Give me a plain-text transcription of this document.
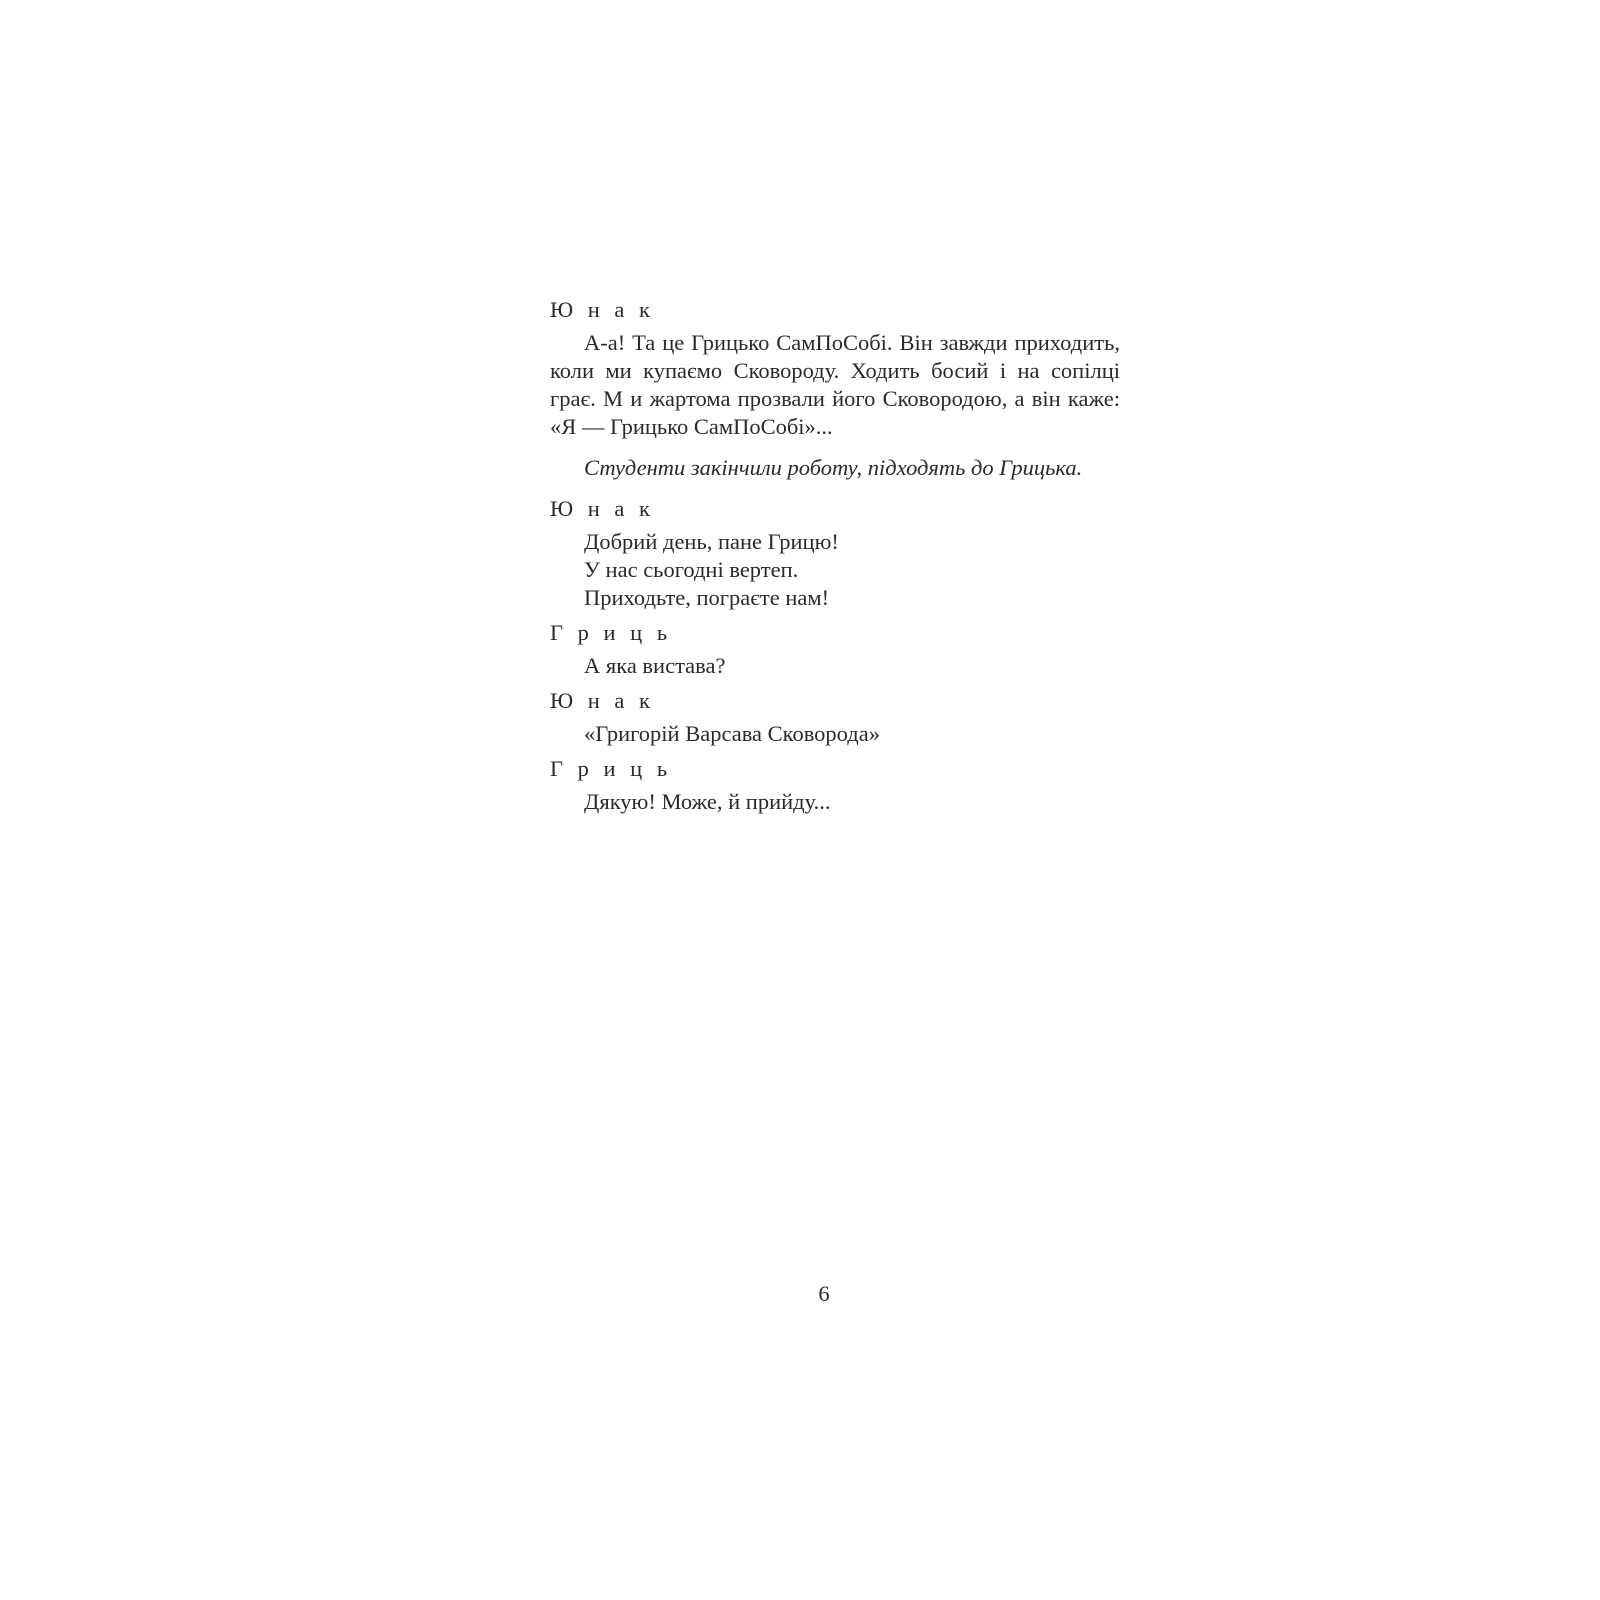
Ю н а к

А-а! Та це Грицько СамПоСобі. Він завжди приходить, коли ми купаємо Сковороду. Ходить босий і на сопілці грає. М и жартома прозвали його Сковородою, а він каже: «Я — Грицько СамПоСобі»...

Студенти закінчили роботу, підходять до Грицька.

Ю н а к
Добрий день, пане Грицю!
У нас сьогодні вертеп.
Приходьте, пограєте нам!
Г р и ц ь
А яка вистава?
Ю н а к
«Григорій Варсава Сковорода»
Г р и ц ь
Дякую! Може, й прийду...
6
